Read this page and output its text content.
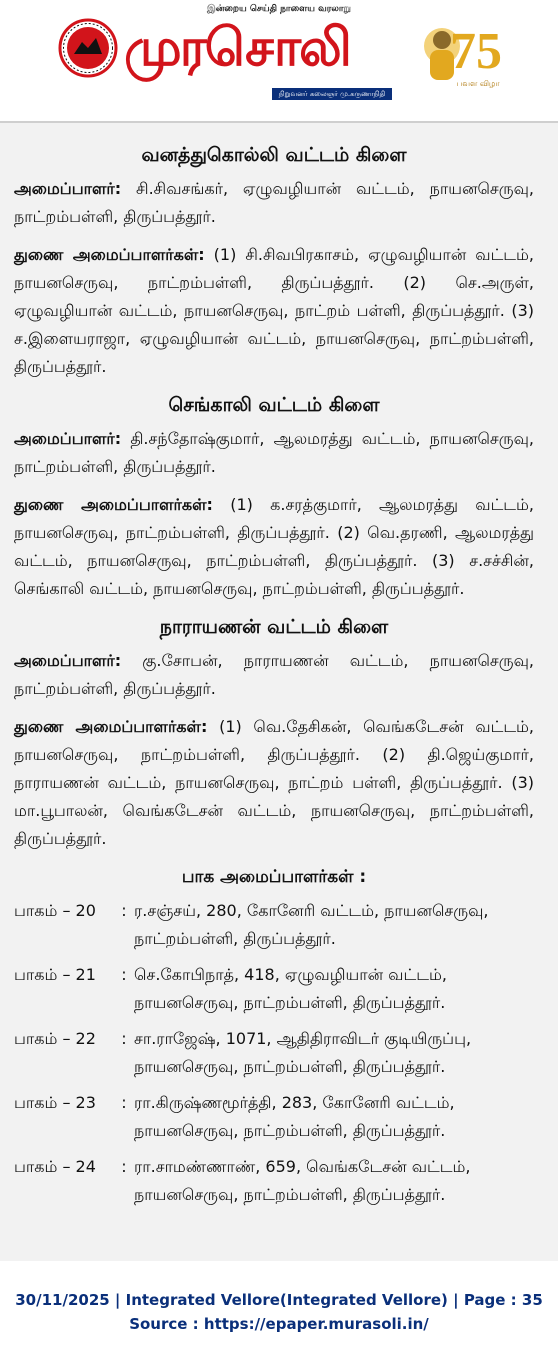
இன்றைய செய்தி நாளைய வரலாறு
முரசொலி
நிறுவனர் கலைஞர் மு.கருணாநிதி
75
பவள விழா
வனத்துகொல்லி வட்டம் கிளை

அமைப்பாளர்: சி.சிவசங்கர், ஏழுவழியான் வட்டம், நாயனசெருவு, நாட்றம்பள்ளி, திருப்பத்தூர்.

துணை அமைப்பாளர்கள்: (1) சி.சிவபிரகாசம், ஏழுவழியான் வட்டம், நாயனசெருவு, நாட்றம்பள்ளி, திருப்பத்தூர். (2) செ.அருள், ஏழுவழியான் வட்டம், நாயனசெருவு, நாட்றம் பள்ளி, திருப்பத்தூர். (3) ச.இளையராஜா, ஏழுவழியான் வட்டம், நாயனசெருவு, நாட்றம்பள்ளி, திருப்பத்தூர்.

செங்காலி வட்டம் கிளை

அமைப்பாளர்: தி.சந்தோஷ்குமார், ஆலமரத்து வட்டம், நாயனசெருவு, நாட்றம்பள்ளி, திருப்பத்தூர்.

துணை அமைப்பாளர்கள்: (1) க.சரத்குமார், ஆலமரத்து வட்டம், நாயனசெருவு, நாட்றம்பள்ளி, திருப்பத்தூர். (2) வெ.தரணி, ஆலமரத்து வட்டம், நாயனசெருவு, நாட்றம்பள்ளி, திருப்பத்தூர். (3) ச.சச்சின், செங்காலி வட்டம், நாயனசெருவு, நாட்றம்பள்ளி, திருப்பத்தூர்.

நாராயணன் வட்டம் கிளை

அமைப்பாளர்: கு.சோபன், நாராயணன் வட்டம், நாயனசெருவு, நாட்றம்பள்ளி, திருப்பத்தூர்.

துணை அமைப்பாளர்கள்: (1) வெ.தேசிகன், வெங்கடேசன் வட்டம், நாயனசெருவு, நாட்றம்பள்ளி, திருப்பத்தூர். (2) தி.ஜெய்குமார், நாராயணன் வட்டம், நாயனசெருவு, நாட்றம் பள்ளி, திருப்பத்தூர். (3) மா.பூபாலன், வெங்கடேசன் வட்டம், நாயனசெருவு, நாட்றம்பள்ளி, திருப்பத்தூர்.

பாக அமைப்பாளர்கள் :
பாகம் – 20	: ர.சஞ்சய், 280, கோனேரி வட்டம், நாயனசெருவு, நாட்றம்பள்ளி, திருப்பத்தூர்.
பாகம் – 21	: செ.கோபிநாத், 418, ஏழுவழியான் வட்டம், நாயனசெருவு, நாட்றம்பள்ளி, திருப்பத்தூர்.
பாகம் – 22	: சா.ராஜேஷ், 1071, ஆதிதிராவிடர் குடியிருப்பு, நாயனசெருவு, நாட்றம்பள்ளி, திருப்பத்தூர்.
பாகம் – 23	: ரா.கிருஷ்ணமூர்த்தி, 283, கோனேரி வட்டம், நாயனசெருவு, நாட்றம்பள்ளி, திருப்பத்தூர்.
பாகம் – 24	: ரா.சாமண்ணாண், 659, வெங்கடேசன் வட்டம், நாயனசெருவு, நாட்றம்பள்ளி, திருப்பத்தூர்.
30/11/2025 | Integrated Vellore(Integrated Vellore) | Page : 35
Source : https://epaper.murasoli.in/
